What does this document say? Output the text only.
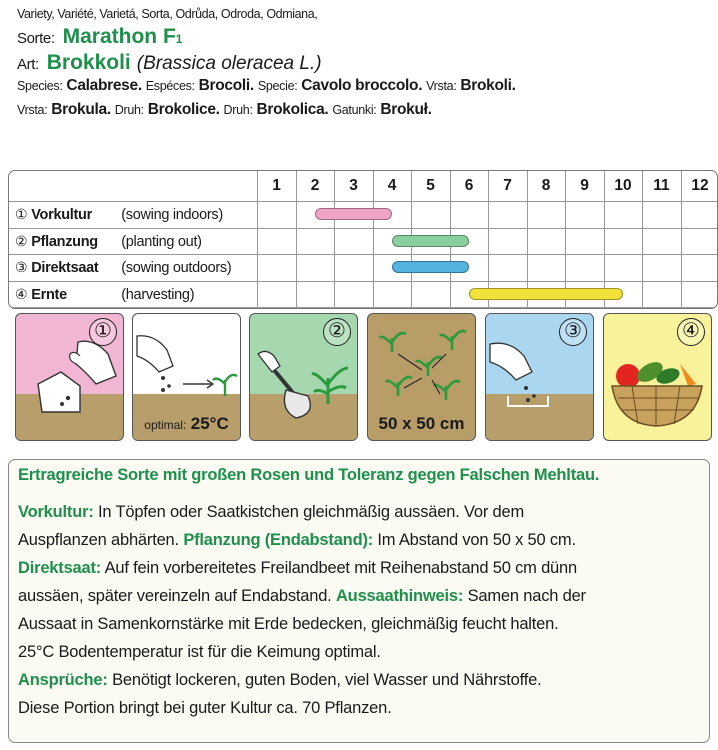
Variety, Variété, Varietá, Sorta, Odrůda, Odroda, Odmiana,
Sorte: Marathon F1
Art: Brokkoli (Brassica oleracea L.)
Species: Calabrese. Espéces: Brocoli. Specie: Cavolo broccolo. Vrsta: Brokoli.
Vrsta: Brokula. Druh: Brokolice. Druh: Brokolica. Gatunki: Brokuł.
1	2	3	4	5	6	7	8	9	10	11	12
① Vorkultur (sowing indoors)
② Pflanzung (planting out)
③ Direktsaat (sowing outdoors)
④ Ernte	(harvesting)
①
optimal: 25°C
②
50 x 50 cm
③	④

Ertragreiche Sorte mit großen Rosen und Toleranz gegen Falschen Mehltau.

Vorkultur: In Töpfen oder Saatkistchen gleichmäßig aussäen. Vor dem

Auspflanzen abhärten. Pflanzung (Endabstand): Im Abstand von 50 x 50 cm.

Direktsaat: Auf fein vorbereitetes Freilandbeet mit Reihenabstand 50 cm dünn

aussäen, später vereinzeln auf Endabstand. Aussaathinweis: Samen nach der

Aussaat in Samenkornstärke mit Erde bedecken, gleichmäßig feucht halten.

25°C Bodentemperatur ist für die Keimung optimal.

Ansprüche: Benötigt lockeren, guten Boden, viel Wasser und Nährstoffe.

Diese Portion bringt bei guter Kultur ca. 70 Pflanzen.
